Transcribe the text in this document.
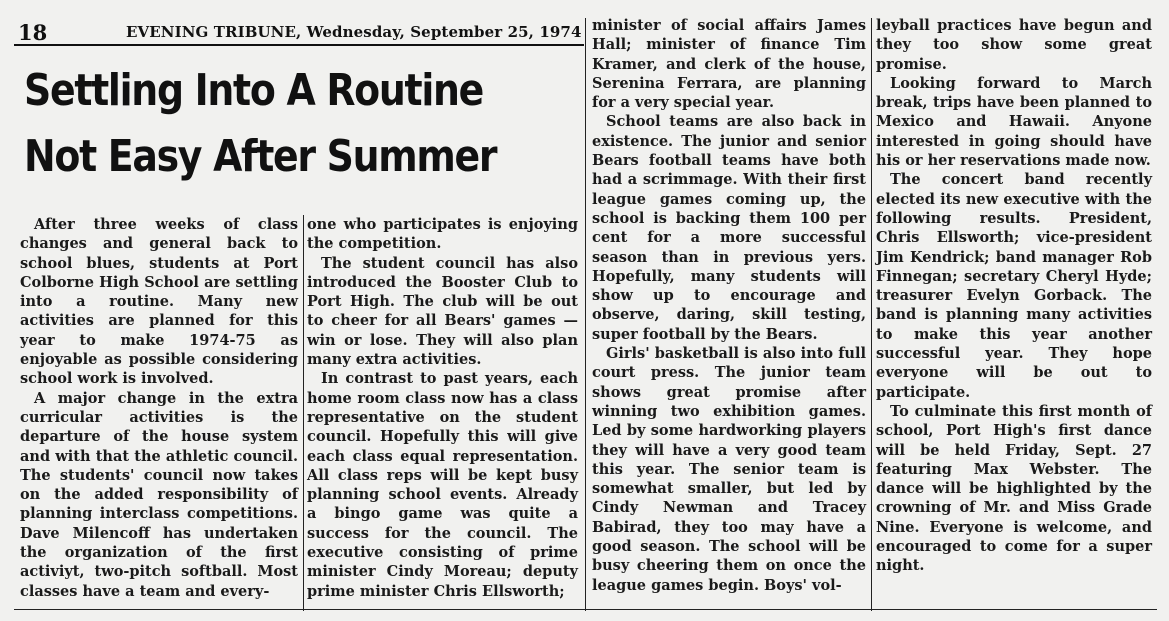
18	EVENING TRIBUNE, Wednesday, September 25, 1974
Settling Into A Routine
Not Easy After Summer

After three weeks of class changes and general back to school blues, students at Port Colborne High School are settling into a routine. Many new activities are planned for this year to make 1974-75 as enjoyable as possible considering school work is involved.

A major change in the extra curricular activities is the departure of the house system and with that the athletic council. The students' council now takes on the added responsibility of planning interclass competitions. Dave Milencoff has undertaken the organization of the first activiyt, two-pitch softball. Most classes have a team and every-

one who participates is enjoying the competition.

The student council has also introduced the Booster Club to Port High. The club will be out to cheer for all Bears' games — win or lose. They will also plan many extra activities.

In contrast to past years, each home room class now has a class representative on the student council. Hopefully this will give each class equal representation. All class reps will be kept busy planning school events. Already a bingo game was quite a success for the council. The executive consisting of prime minister Cindy Moreau; deputy prime minister Chris Ellsworth;

minister of social affairs James Hall; minister of finance Tim Kramer, and clerk of the house, Serenina Ferrara, are planning for a very special year.

School teams are also back in existence. The junior and senior Bears football teams have both had a scrimmage. With their first league games coming up, the school is backing them 100 per cent for a more successful season than in previous yers. Hopefully, many students will show up to encourage and observe, daring, skill testing, super football by the Bears.

Girls' basketball is also into full court press. The junior team shows great promise after winning two exhibition games. Led by some hardworking players they will have a very good team this year. The senior team is somewhat smaller, but led by Cindy Newman and Tracey Babirad, they too may have a good season. The school will be busy cheering them on once the league games begin. Boys' vol-

leyball practices have begun and they too show some great promise.

Looking forward to March break, trips have been planned to Mexico and Hawaii. Anyone interested in going should have his or her reservations made now.

The concert band recently elected its new executive with the following results. President, Chris Ellsworth; vice-president Jim Kendrick; band manager Rob Finnegan; secretary Cheryl Hyde; treasurer Evelyn Gorback. The band is planning many activities to make this year another successful year. They hope everyone will be out to participate.

To culminate this first month of school, Port High's first dance will be held Friday, Sept. 27 featuring Max Webster. The dance will be highlighted by the crowning of Mr. and Miss Grade Nine. Everyone is welcome, and encouraged to come for a super night.
